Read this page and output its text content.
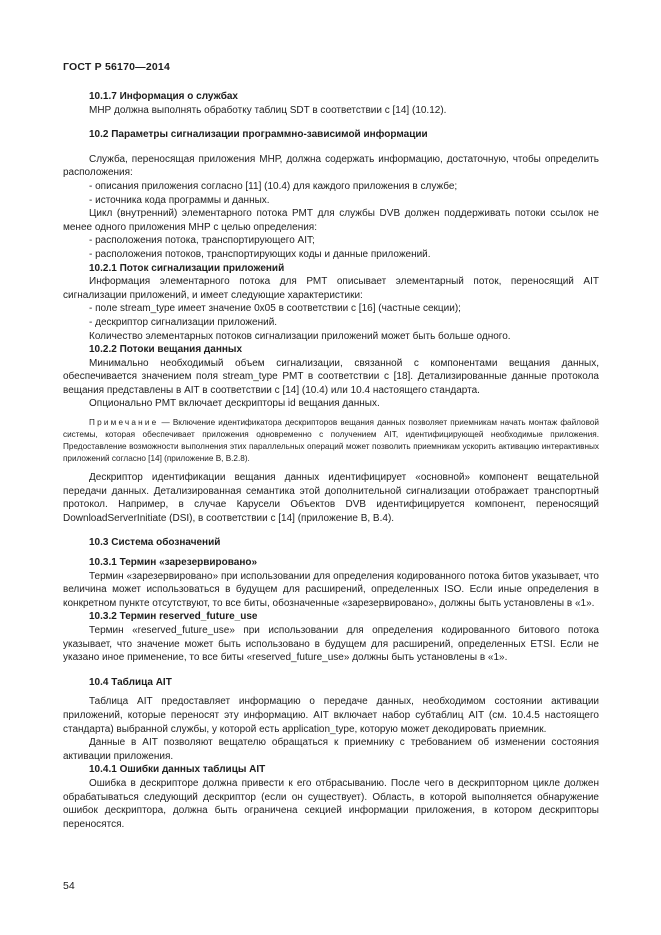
ГОСТ Р 56170—2014
10.1.7 Информация о службах

МНР должна выполнять обработку таблиц SDT в соответствии с [14] (10.12).

10.2 Параметры сигнализации программно-зависимой информации

Служба, переносящая приложения МНР, должна содержать информацию, достаточную, чтобы определить расположения:

- описания приложения согласно [11] (10.4) для каждого приложения в службе;
- источника кода программы и данных.

Цикл (внутренний) элементарного потока РМТ для службы DVB должен поддерживать потоки ссылок не менее одного приложения МНР с целью определения:

- расположения потока, транспортирующего AIT;
- расположения потоков, транспортирующих коды и данные приложений.
10.2.1 Поток сигнализации приложений

Информация элементарного потока для РМТ описывает элементарный поток, переносящий AIT сигнализации приложений, и имеет следующие характеристики:

- поле stream_type имеет значение 0х05 в соответствии с [16] (частные секции);
- дескриптор сигнализации приложений.

Количество элементарных потоков сигнализации приложений может быть больше одного.

10.2.2 Потоки вещания данных

Минимально необходимый объем сигнализации, связанной с компонентами вещания данных, обеспечивается значением поля stream_type PMT в соответствии с [18]. Детализированные данные протокола вещания представлены в AIT в соответствии с [14] (10.4) или 10.4 настоящего стандарта.

Опционально PMT включает дескрипторы id вещания данных.

Примечание — Включение идентификатора дескрипторов вещания данных позволяет приемникам начать монтаж файловой системы, которая обеспечивает приложения одновременно с получением AIT, идентифицирующей необходимые приложения. Предоставление возможности выполнения этих параллельных операций может позволить приемникам ускорить активацию интерактивных приложений согласно [14] (приложение B, B.2.8).

Дескриптор идентификации вещания данных идентифицирует «основной» компонент вещательной передачи данных. Детализированная семантика этой дополнительной сигнализации отображает транспортный протокол. Например, в случае Карусели Объектов DVB идентифицируется компонент, переносящий DownloadServerInitiate (DSI), в соответствии с [14] (приложение B, B.4).

10.3 Система обозначений
10.3.1 Термин «зарезервировано»

Термин «зарезервировано» при использовании для определения кодированного потока битов указывает, что величина может использоваться в будущем для расширений, определенных ISO. Если иные определения в конкретном пункте отсутствуют, то все биты, обозначенные «зарезервировано», должны быть установлены в «1».

10.3.2 Термин reserved_future_use

Термин «reserved_future_use» при использовании для определения кодированного битового потока указывает, что значение может быть использовано в будущем для расширений, определенных ETSI. Если не указано иное применение, то все биты «reserved_future_use» должны быть установлены в «1».

10.4 Таблица AIT

Таблица AIT предоставляет информацию о передаче данных, необходимом состоянии активации приложений, которые переносят эту информацию. AIT включает набор субтаблиц AIT (см. 10.4.5 настоящего стандарта) выбранной службы, у которой есть application_type, которую может декодировать приемник.

Данные в AIT позволяют вещателю обращаться к приемнику с требованием об изменении состояния активации приложения.

10.4.1 Ошибки данных таблицы AIT

Ошибка в дескрипторе должна привести к его отбрасыванию. После чего в дескрипторном цикле должен обрабатываться следующий дескриптор (если он существует). Область, в которой выполняется обнаружение ошибок дескриптора, должна быть ограничена секцией информации приложения, в котором дескрипторы переносятся.

54
